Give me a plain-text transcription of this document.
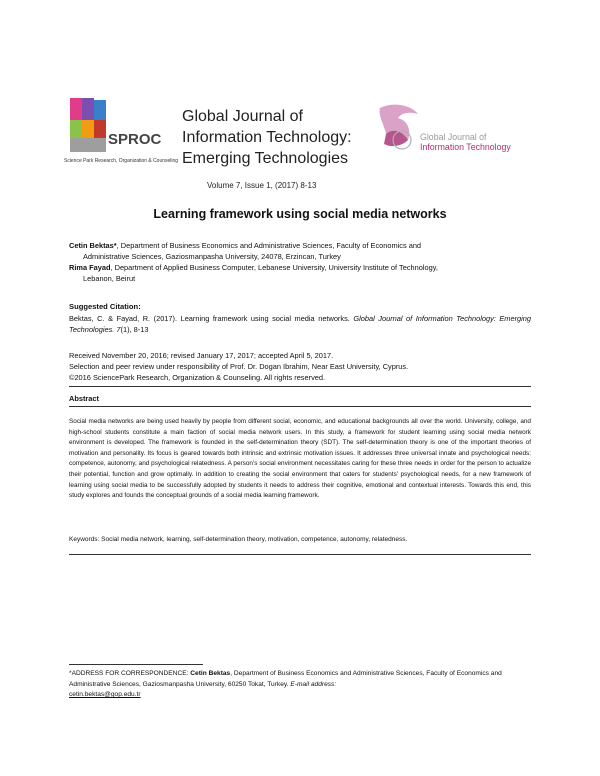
SPROC
Science Park Research, Organization & Counseling
Global Journal of
Information Technology:
Emerging Technologies
Volume 7, Issue 1, (2017) 8-13
Global Journal of
Information Technology
Learning framework using social media networks
Cetin Bektas*, Department of Business Economics and Administrative Sciences, Faculty of Economics and
Administrative Sciences, Gaziosmanpasha University, 24078, Erzincan, Turkey
Rima Fayad, Department of Applied Business Computer, Lebanese University, University Institute of Technology,
Lebanon, Beirut
Suggested Citation:
Bektas, C. & Fayad, R. (2017). Learning framework using social media networks. Global Journal of Information Technology: Emerging Technologies. 7(1), 8-13
Received November 20, 2016; revised January 17, 2017; accepted April 5, 2017.
Selection and peer review under responsibility of Prof. Dr. Dogan Ibrahim, Near East University, Cyprus.
©2016 SciencePark Research, Organization & Counseling. All rights reserved.
Abstract
Social media networks are being used heavily by people from different social, economic, and educational backgrounds all over the world. University, college, and high-school students constitute a main faction of social media network users. In this study, a framework for student learning using social media network environment is developed. The framework is founded in the self-determination theory (SDT). The self-determination theory is one of the important theories of motivation and personality. Its focus is geared towards both intrinsic and extrinsic motivation issues. It addresses three universal innate and psychological needs: competence, autonomy, and psychological relatedness. A person’s social environment necessitates caring for these three needs in order for the person to actualize their potential, function and grow optimally. In addition to creating the social environment that caters for students’ psychological needs, for a new framework of learning using social media to be successfully adopted by students it needs to address their cognitive, emotional and contextual interests. Towards this end, this study explores and founds the conceptual grounds of a social media learning framework.
Keywords: Social media network, learning, self-determination theory, motivation, competence, autonomy, relatedness.
*ADDRESS FOR CORRESPONDENCE: Cetin Bektas, Department of Business Economics and Administrative Sciences, Faculty of Economics and Administrative Sciences, Gaziosmanpasha University, 60250 Tokat, Turkey. E-mail address:
cetin.bektas@gop.edu.tr
